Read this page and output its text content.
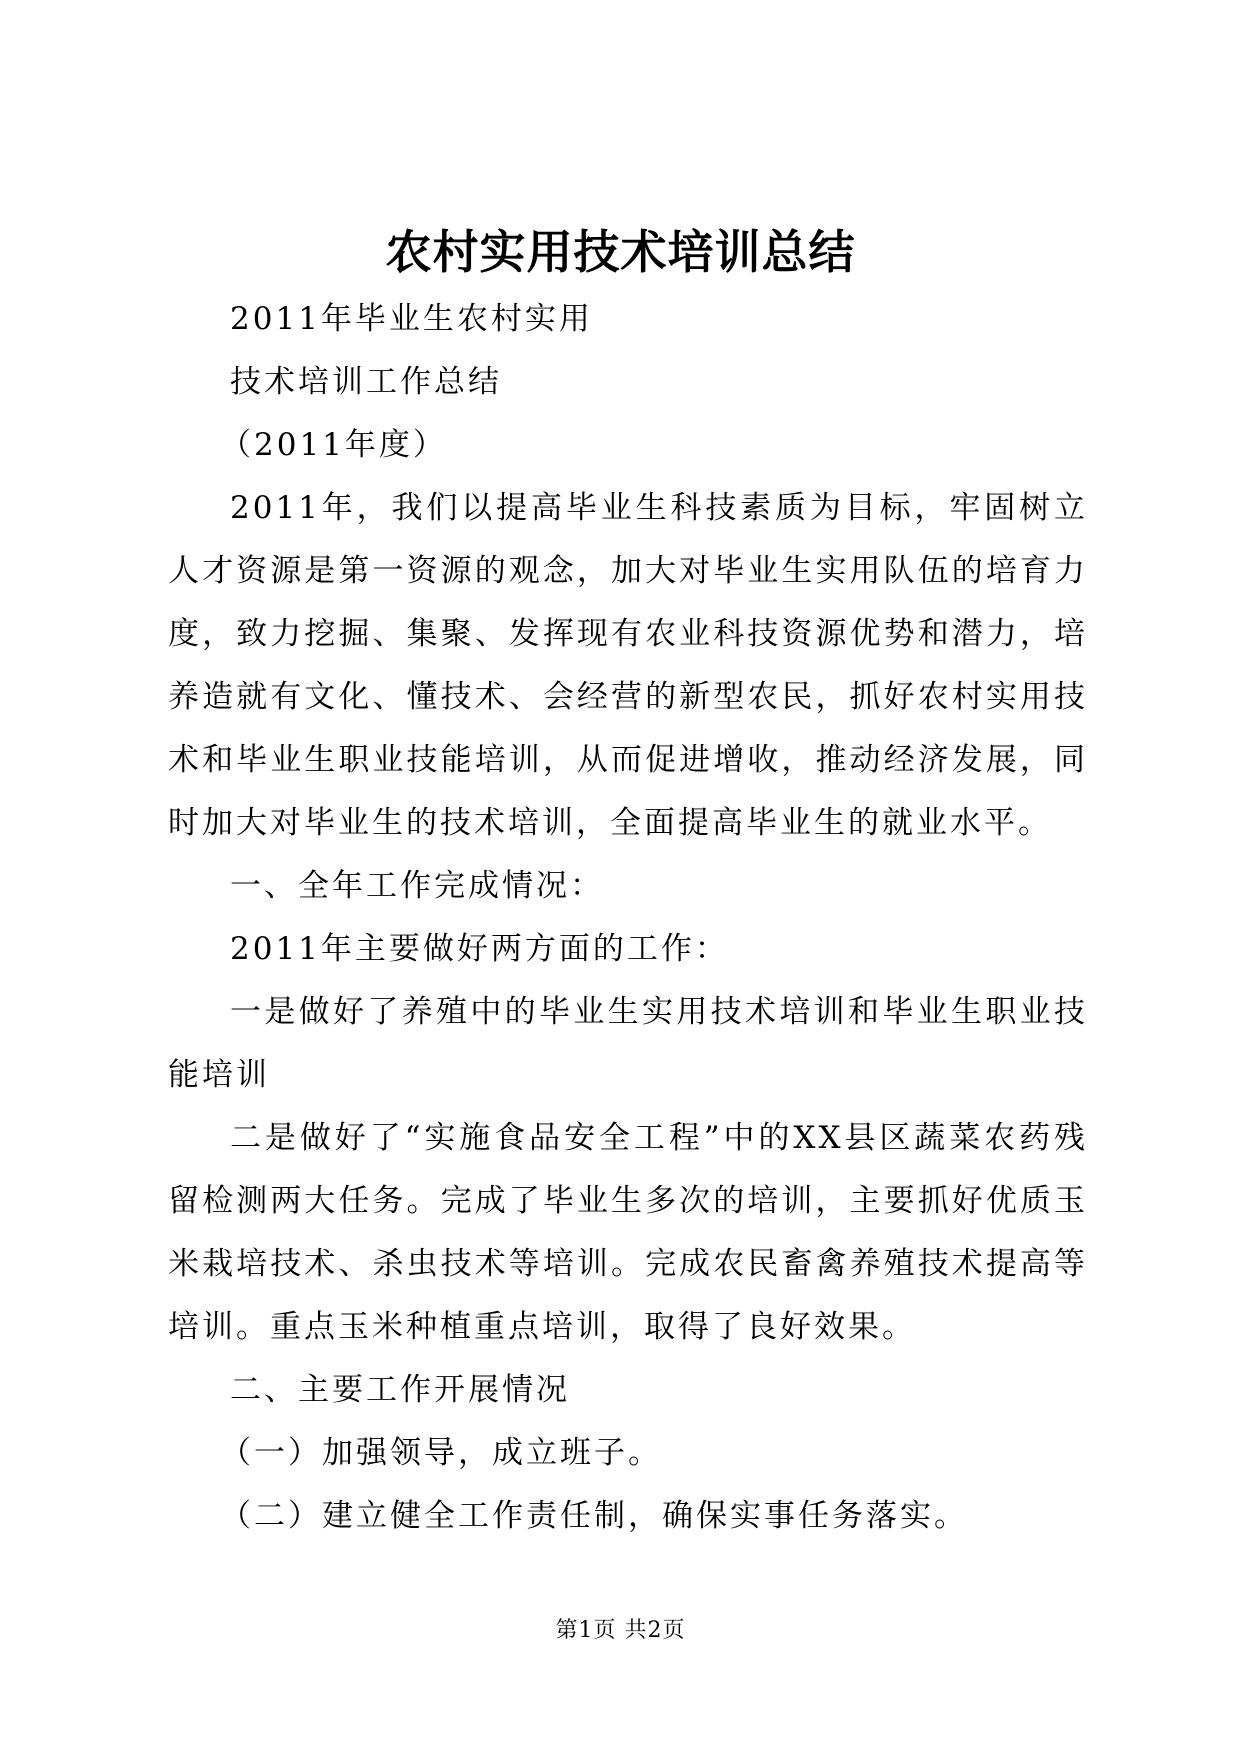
农村实用技术培训总结

2011年毕业生农村实用

技术培训工作总结

（2011年度）

2011年，我们以提高毕业生科技素质为目标，牢固树立人才资源是第一资源的观念，加大对毕业生实用队伍的培育力度，致力挖掘、集聚、发挥现有农业科技资源优势和潜力，培养造就有文化、懂技术、会经营的新型农民，抓好农村实用技术和毕业生职业技能培训，从而促进增收，推动经济发展，同时加大对毕业生的技术培训，全面提高毕业生的就业水平。

一、全年工作完成情况：

2011年主要做好两方面的工作：

一是做好了养殖中的毕业生实用技术培训和毕业生职业技能培训

二是做好了“实施食品安全工程”中的XX县区蔬菜农药残留检测两大任务。完成了毕业生多次的培训，主要抓好优质玉米栽培技术、杀虫技术等培训。完成农民畜禽养殖技术提高等培训。重点玉米种植重点培训，取得了良好效果。

二、主要工作开展情况

（一）加强领导，成立班子。

（二）建立健全工作责任制，确保实事任务落实。

第1页 共2页
